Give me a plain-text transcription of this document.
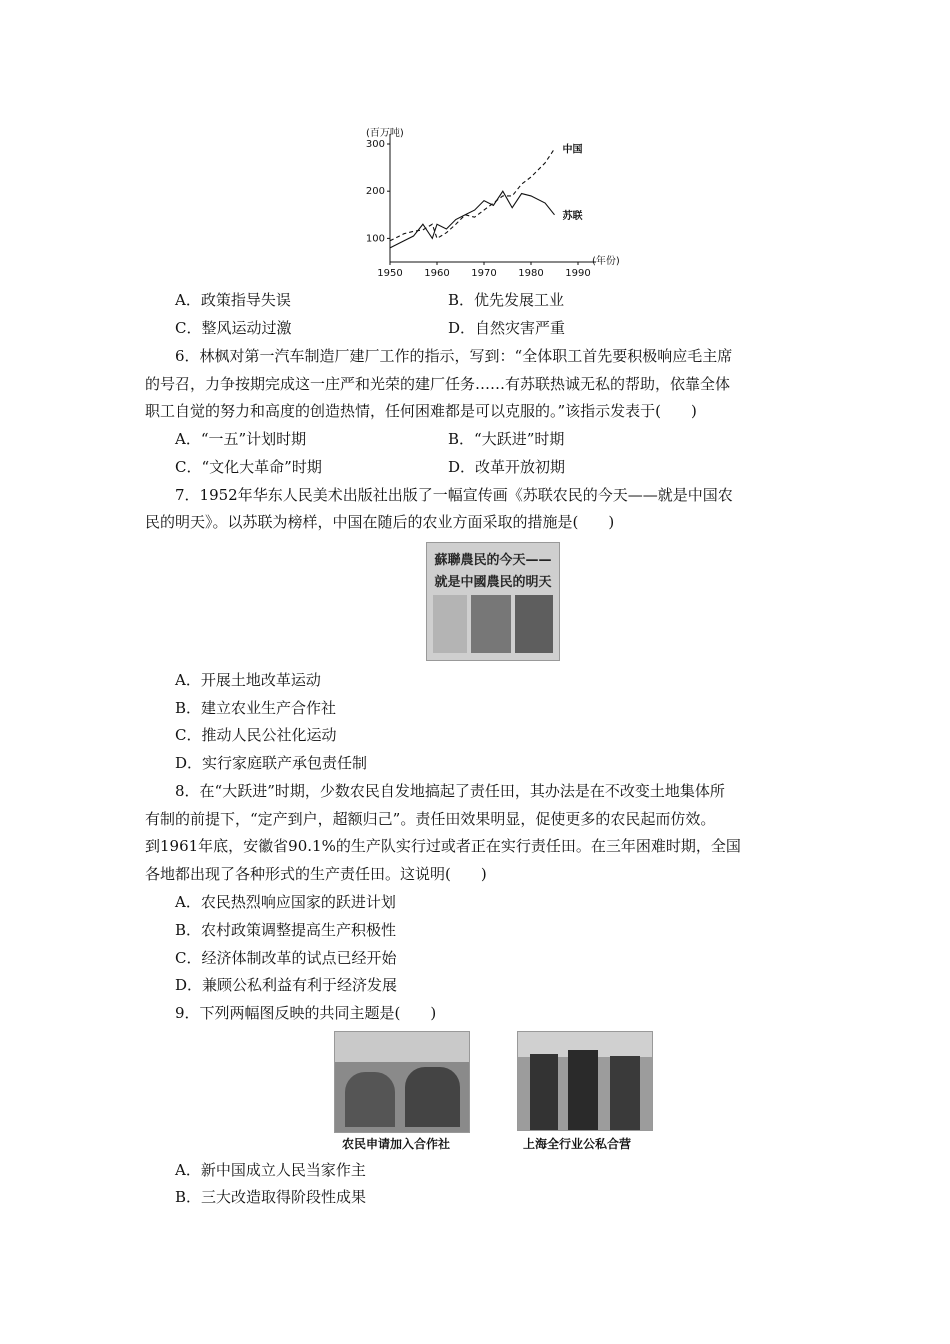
100
200
300
1950 1960 1970 1980 1990
(百万吨)
(年份)
中国
苏联
A．政策指导失误	B．优先发展工业
C．整风运动过激	D．自然灾害严重
6．林枫对第一汽车制造厂建厂工作的指示，写到：“全体职工首先要积极响应毛主席
的号召，力争按期完成这一庄严和光荣的建厂任务……有苏联热诚无私的帮助，依靠全体
职工自觉的努力和高度的创造热情，任何困难都是可以克服的。”该指示发表于(　　)
A．“一五”计划时期	B．“大跃进”时期
C．“文化大革命”时期	D．改革开放初期
7．1952年华东人民美术出版社出版了一幅宣传画《苏联农民的今天——就是中国农
民的明天》。以苏联为榜样，中国在随后的农业方面采取的措施是(　　)
蘇聯農民的今天——
就是中國農民的明天
A．开展土地改革运动
B．建立农业生产合作社
C．推动人民公社化运动
D．实行家庭联产承包责任制
8．在“大跃进”时期，少数农民自发地搞起了责任田，其办法是在不改变土地集体所
有制的前提下，“定产到户，超额归己”。责任田效果明显，促使更多的农民起而仿效。
到1961年底，安徽省90.1%的生产队实行过或者正在实行责任田。在三年困难时期，全国
各地都出现了各种形式的生产责任田。这说明(　　)
A．农民热烈响应国家的跃进计划
B．农村政策调整提高生产积极性
C．经济体制改革的试点已经开始
D．兼顾公私利益有利于经济发展
9．下列两幅图反映的共同主题是(　　)
农民申请加入合作社	上海全行业公私合营
A．新中国成立人民当家作主
B．三大改造取得阶段性成果
